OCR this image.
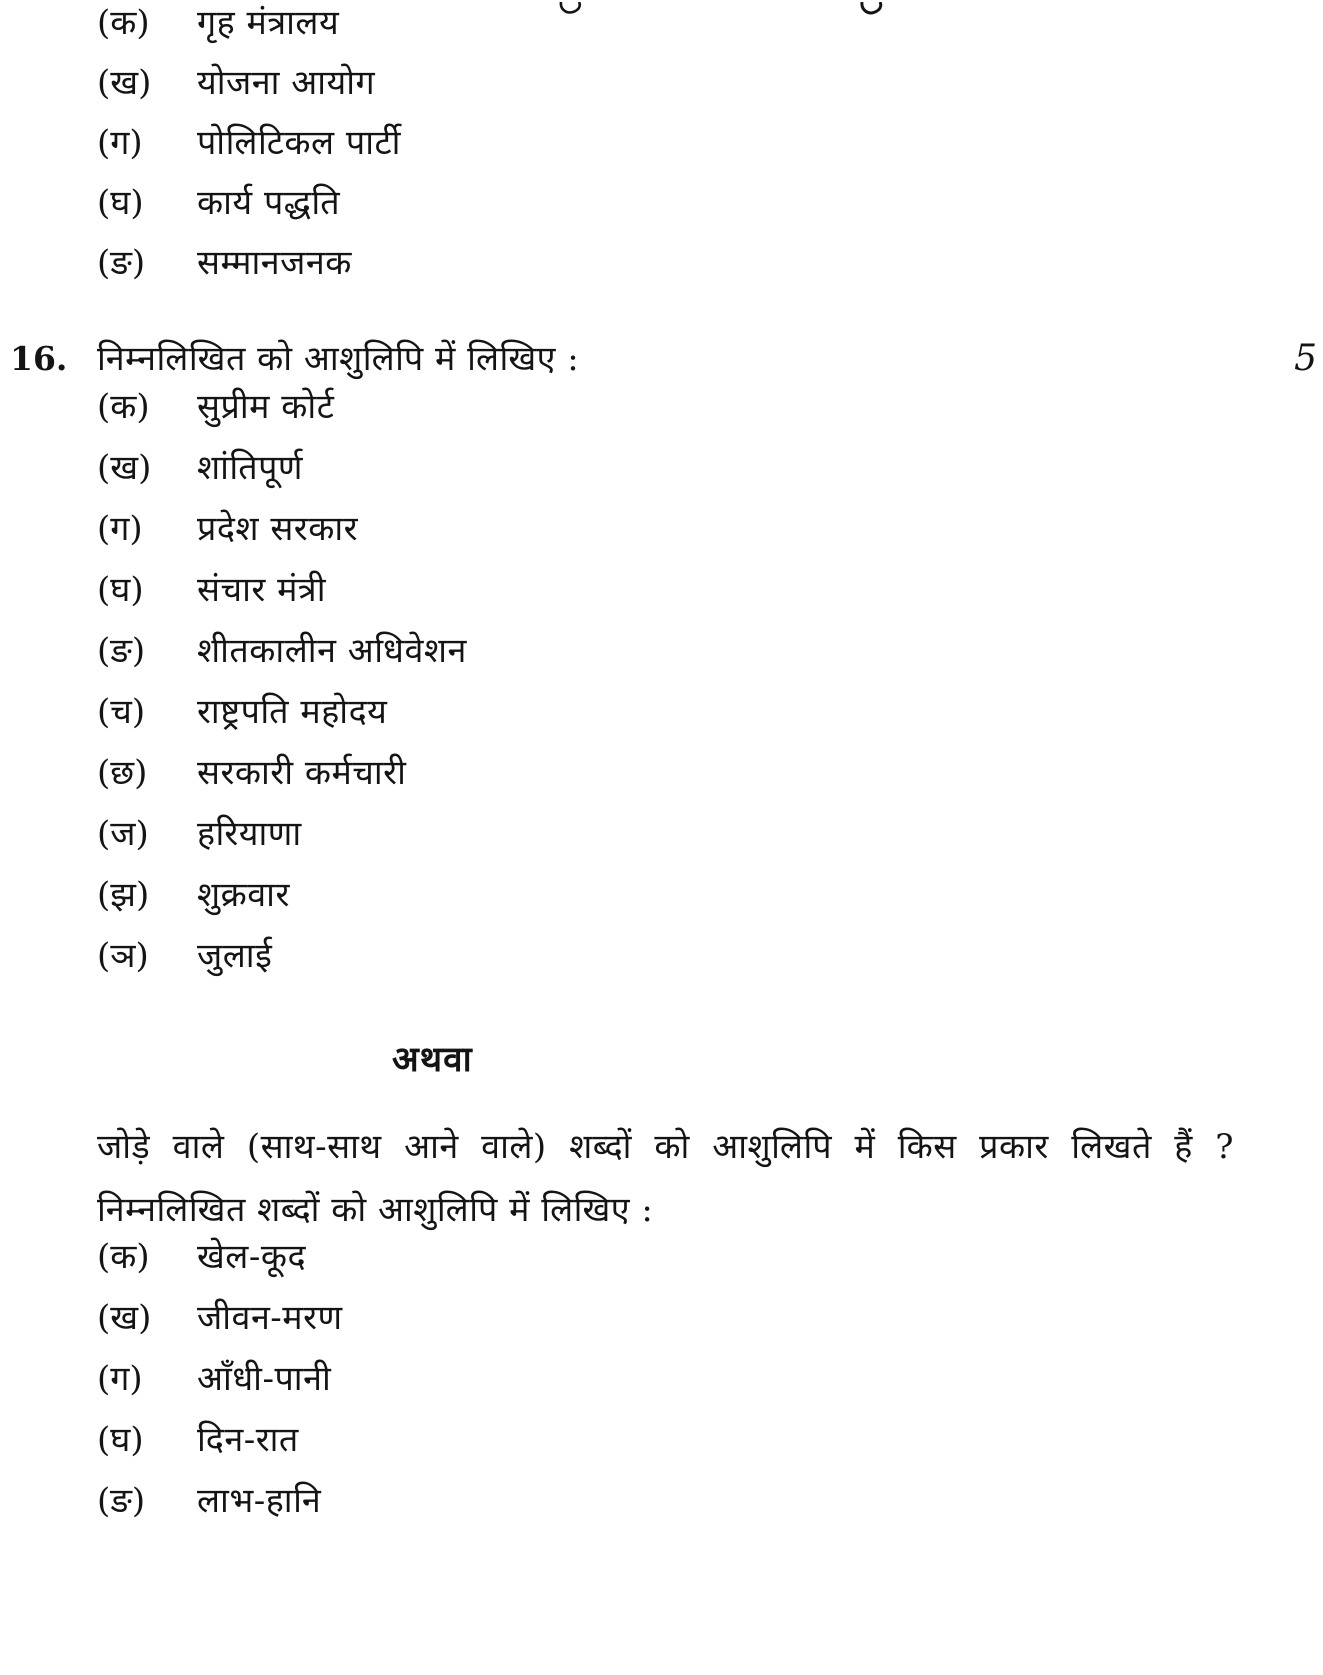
(क)	गृह मंत्रालय
(ख)	योजना आयोग
(ग)	पोलिटिकल पार्टी
(घ)	कार्य पद्धति
(ङ)	सम्मानजनक
16. निम्नलिखित को आशुलिपि में लिखिए :	5
(क)	सुप्रीम कोर्ट
(ख)	शांतिपूर्ण
(ग)	प्रदेश सरकार
(घ)	संचार मंत्री
(ङ)	शीतकालीन अधिवेशन
(च)	राष्ट्रपति महोदय
(छ)	सरकारी कर्मचारी
(ज)	हरियाणा
(झ)	शुक्रवार
(ञ)	जुलाई
अथवा
जोड़े वाले (साथ-साथ आने वाले) शब्दों को आशुलिपि में किस प्रकार लिखते हैं ?
निम्नलिखित शब्दों को आशुलिपि में लिखिए :
(क)	खेल-कूद
(ख)	जीवन-मरण
(ग)	आँधी-पानी
(घ)	दिन-रात
(ङ)	लाभ-हानि
